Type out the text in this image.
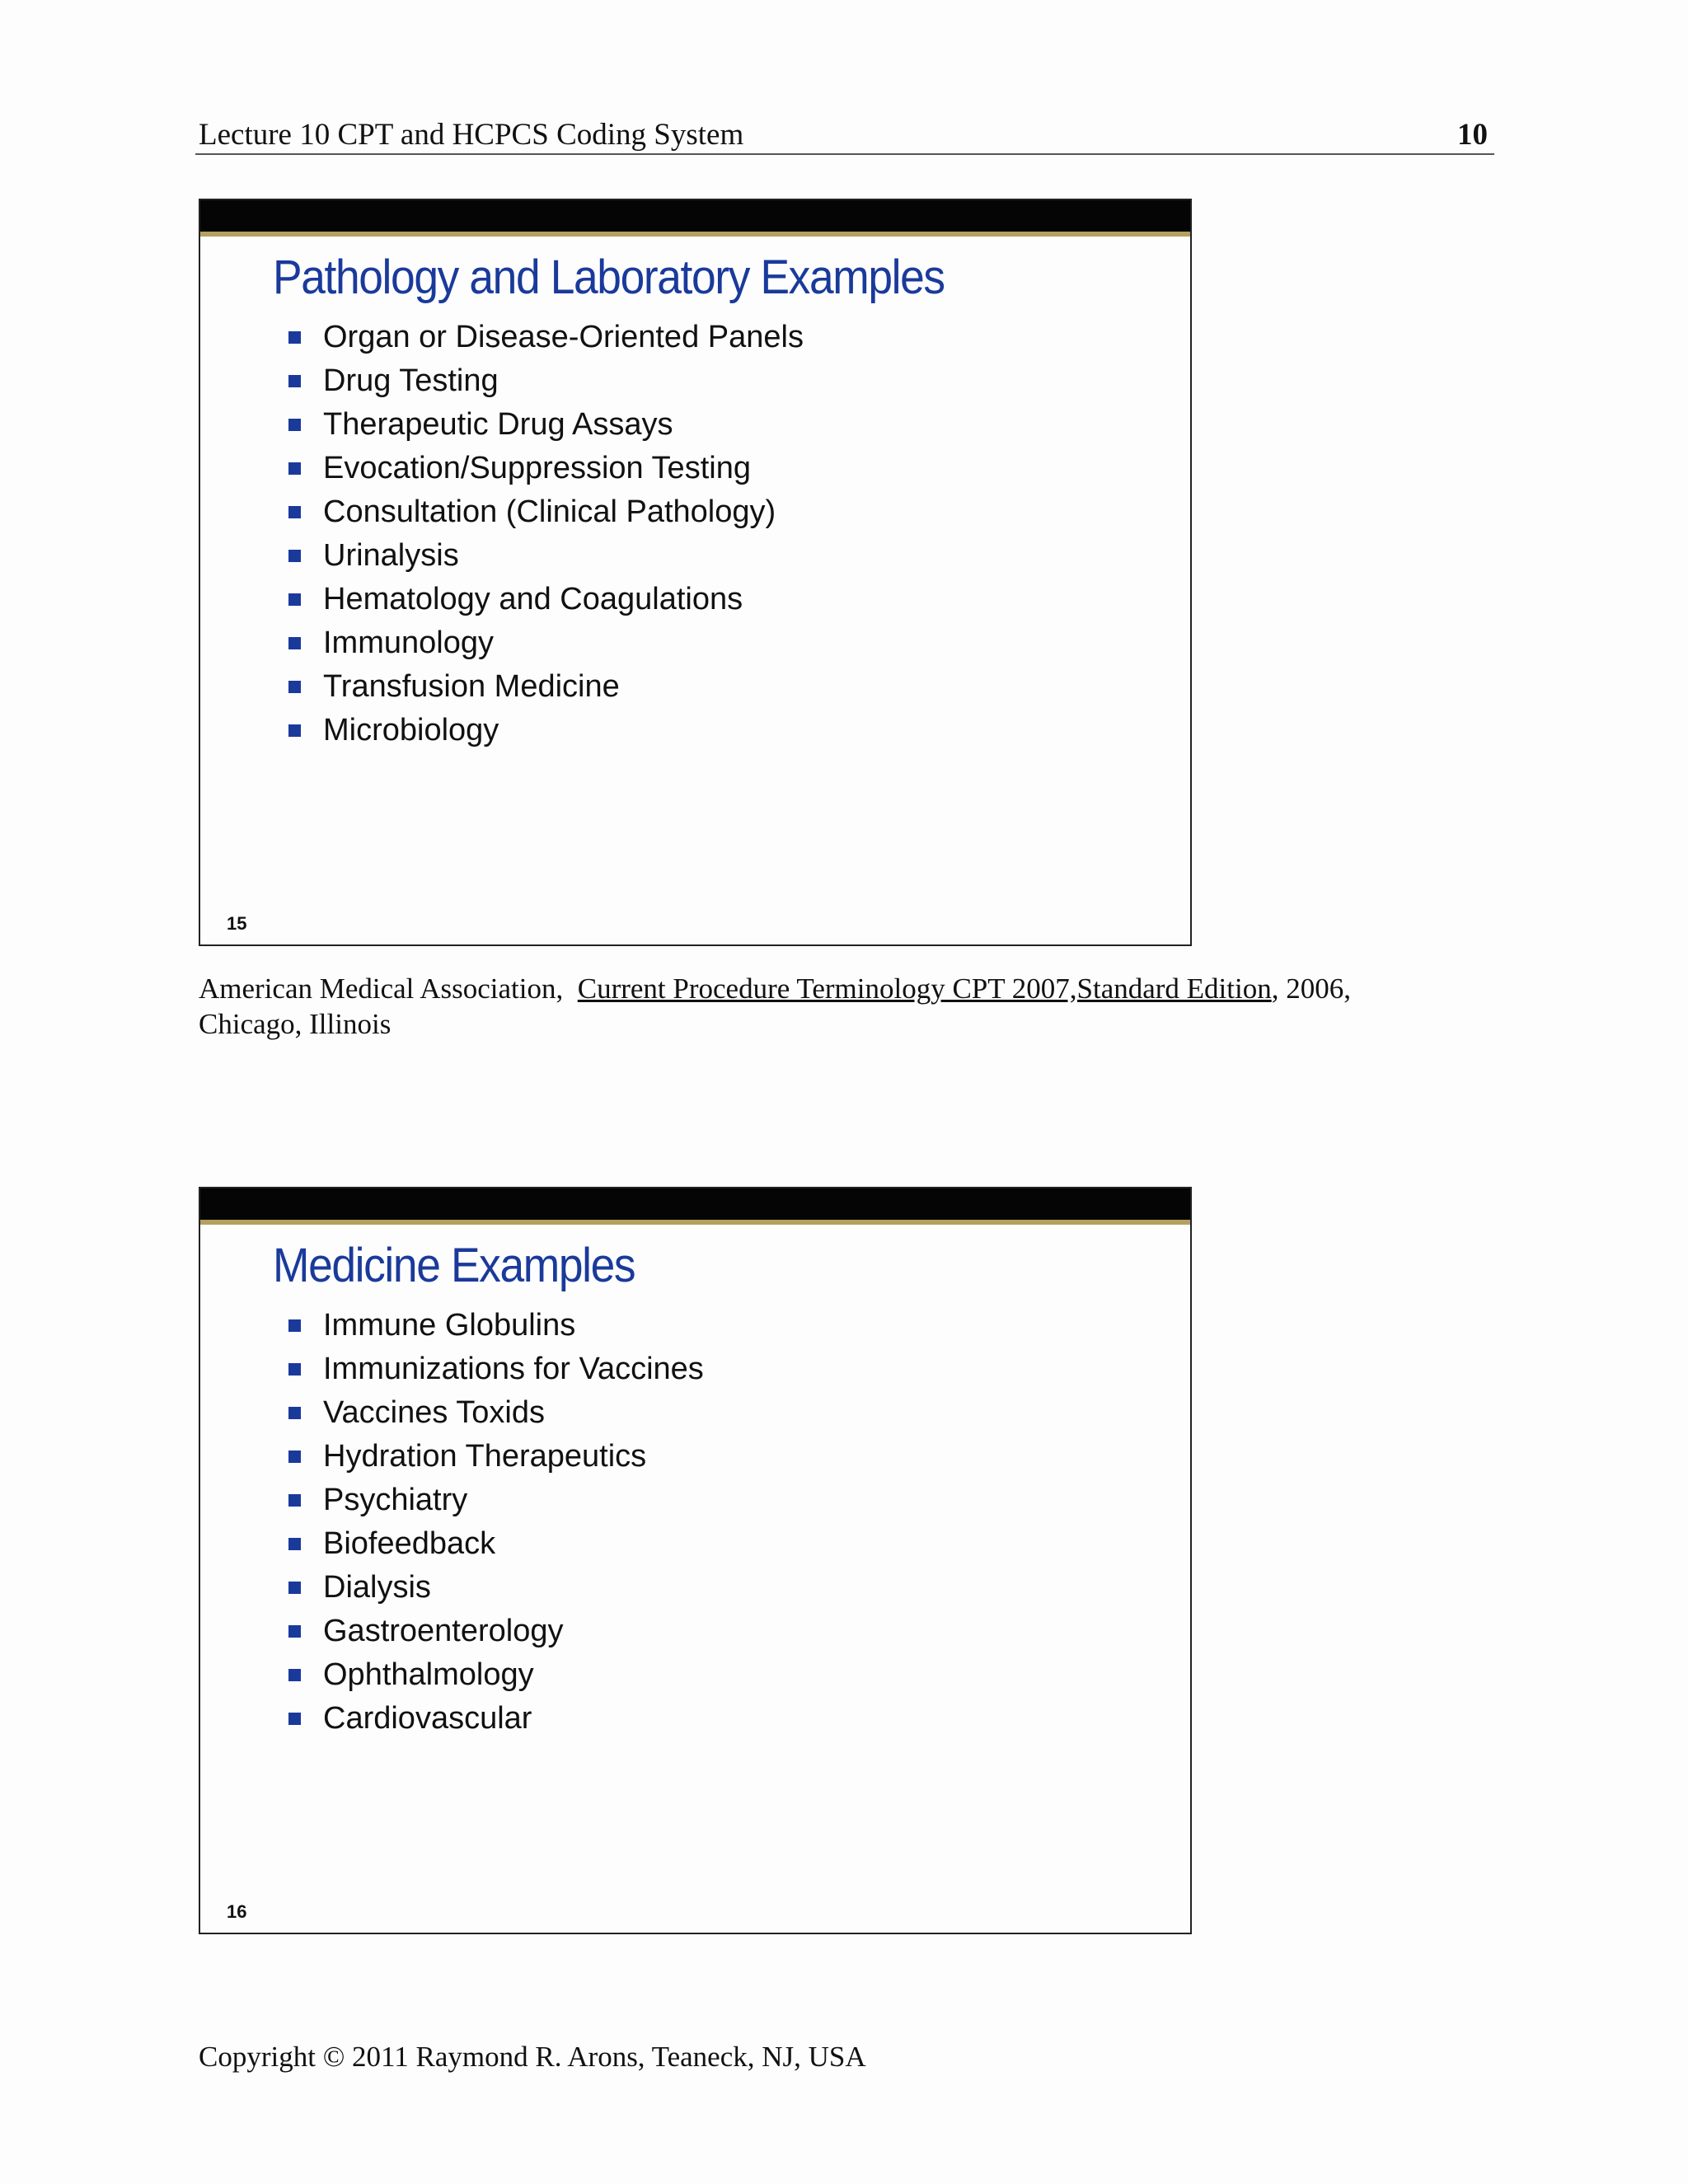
Lecture 10 CPT and HCPCS Coding System	10
Pathology and Laboratory Examples
Organ or Disease-Oriented Panels
Drug Testing
Therapeutic Drug Assays
Evocation/Suppression Testing
Consultation (Clinical Pathology)
Urinalysis
Hematology and Coagulations
Immunology
Transfusion Medicine
Microbiology
15
American Medical Association, Current Procedure Terminology CPT 2007,Standard Edition, 2006,
Chicago, Illinois
Medicine Examples
Immune Globulins
Immunizations for Vaccines
Vaccines Toxids
Hydration Therapeutics
Psychiatry
Biofeedback
Dialysis
Gastroenterology
Ophthalmology
Cardiovascular
16
Copyright © 2011 Raymond R. Arons, Teaneck, NJ, USA
